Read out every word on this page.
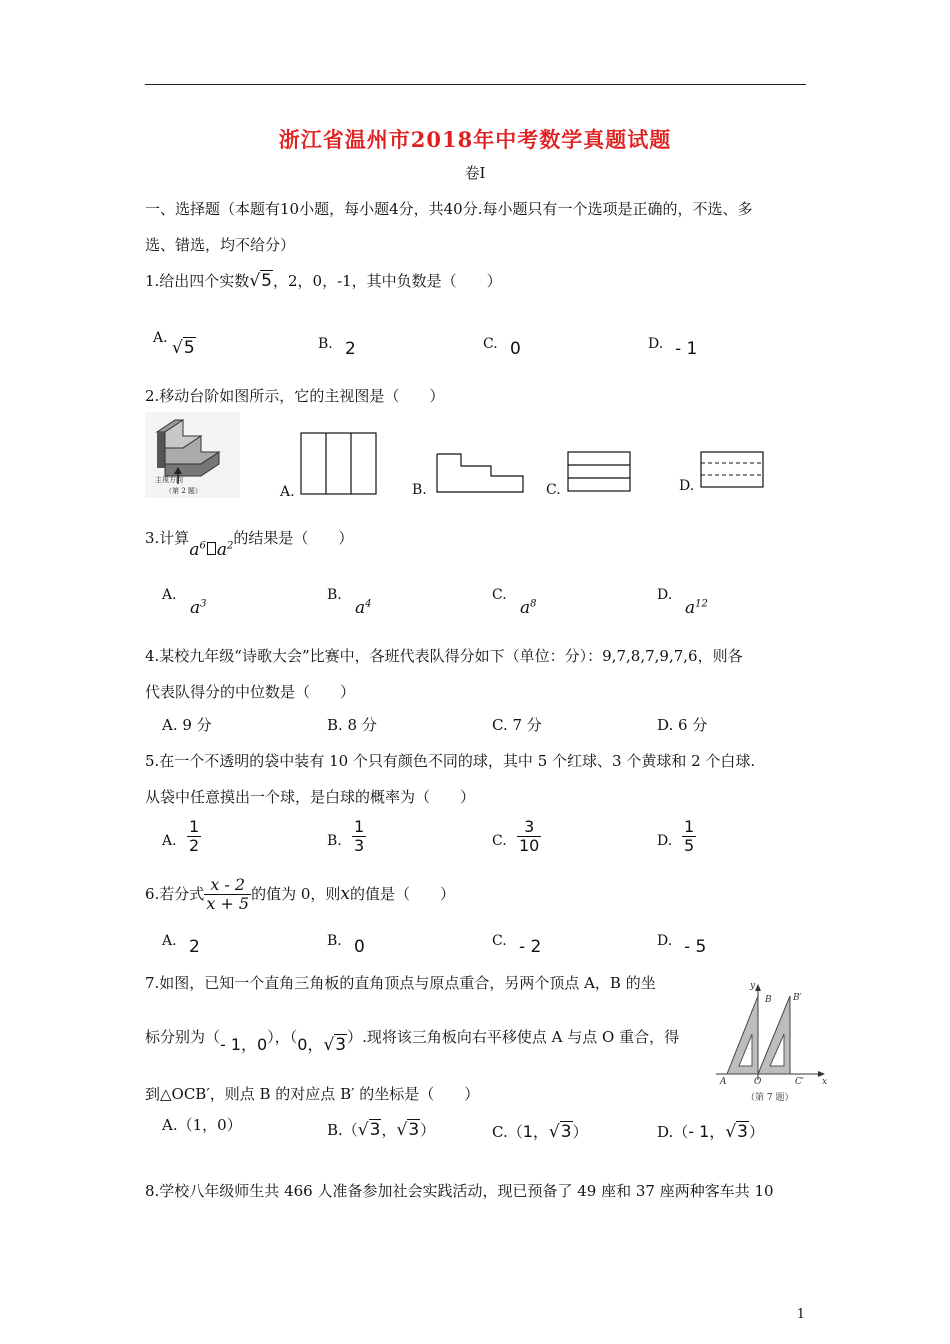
浙江省温州市2018年中考数学真题试题
卷I
一、选择题（本题有10小题，每小题4分，共40分.每小题只有一个选项是正确的，不选、多
选、错选，均不给分）
1.给出四个实数√5，2，0，-1，其中负数是（　　）
A. √5	B. 2	C. 0	D. - 1
2.移动台阶如图所示，它的主视图是（　　）
主视方向
（第 2 题）	A.	B.	C.	D.
3.计算$a^6$ $a^2$的结果是（　　）
A.
$a^3$
B.
$a^4$
C.
$a^8$
D.
$a^{12}$
4.某校九年级“诗歌大会”比赛中，各班代表队得分如下（单位：分）：9,7,8,7,9,7,6，则各
代表队得分的中位数是（　　）
A. 9 分	B. 8 分	C. 7 分	D. 6 分
5.在一个不透明的袋中装有 10 个只有颜色不同的球，其中 5 个红球、3 个黄球和 2 个白球.
从袋中任意摸出一个球，是白球的概率为（　　）
A. $\frac{1}{2}$	B. $\frac{1}{3}$	C. $\frac{3}{10}$	D. $\frac{1}{5}$
6.若分式 $\frac{x - 2}{x + 5}$ 的值为 0，则x的值是（　　）
A. 2	B. 0	C. - 2	D. - 5
7.如图，已知一个直角三角板的直角顶点与原点重合，另两个顶点 A，B 的坐
标分别为（- 1，0），（0，√3）.现将该三角板向右平移使点 A 与点 O 重合，得
到△OCB′，则点 B 的对应点 B′ 的坐标是（　　）
y
x
B B′
A	O	C′
（第 7 题）
A.（1，0）	B.（√3，√3）	C.（1，√3）	D.（- 1，√3）
8.学校八年级师生共 466 人准备参加社会实践活动，现已预备了 49 座和 37 座两种客车共 10
1
